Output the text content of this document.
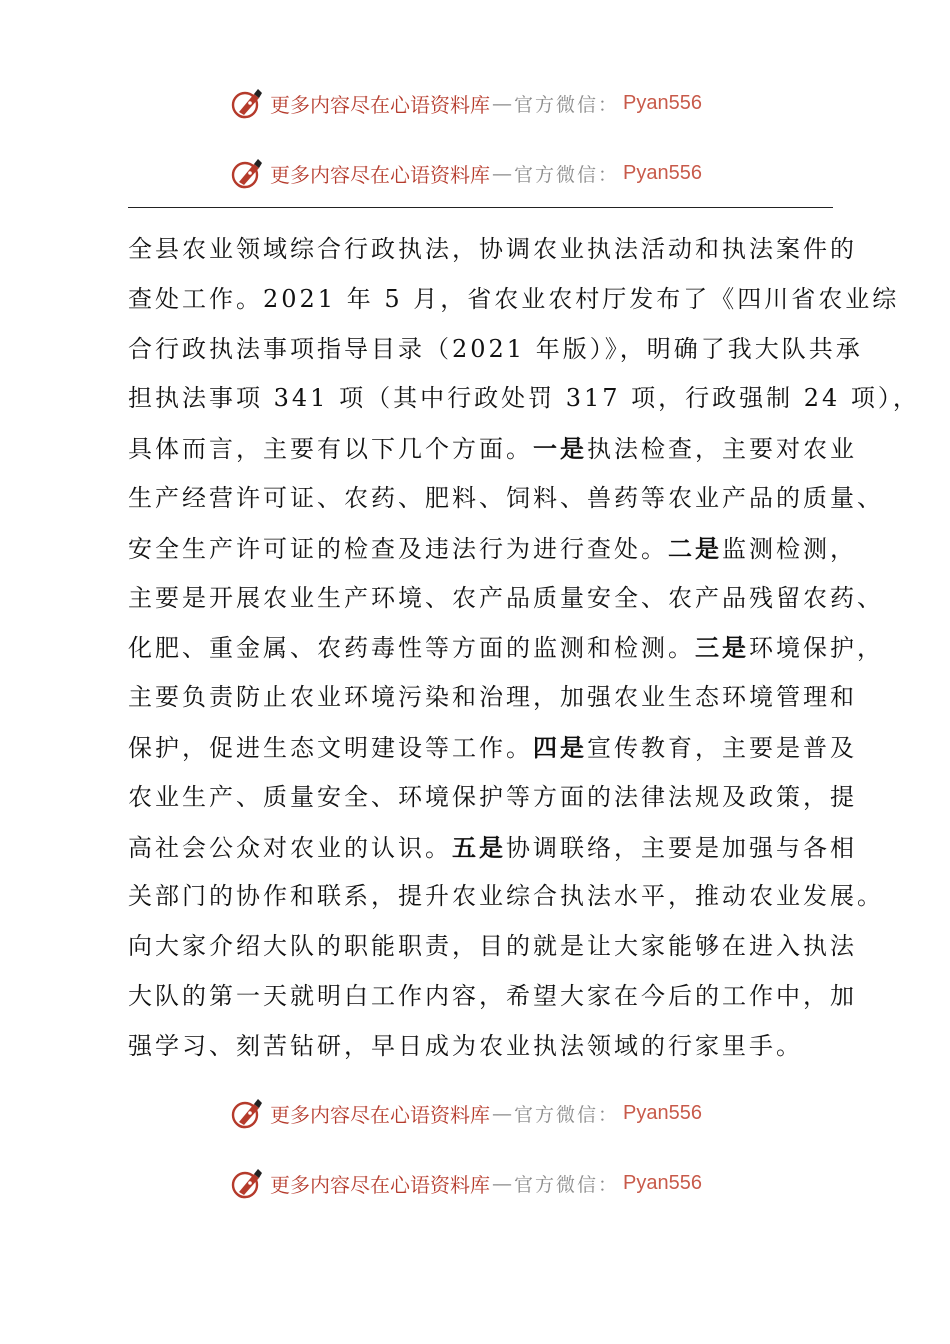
更多内容尽在心语资料库 — 官方微信： Pyan556
更多内容尽在心语资料库 — 官方微信： Pyan556
更多内容尽在心语资料库 — 官方微信： Pyan556
更多内容尽在心语资料库 — 官方微信： Pyan556
全县农业领域综合行政执法，协调农业执法活动和执法案件的
查处工作。2021 年 5 月，省农业农村厅发布了《四川省农业综
合行政执法事项指导目录（2021 年版）》，明确了我大队共承
担执法事项 341 项（其中行政处罚 317 项，行政强制 24 项），
具体而言，主要有以下几个方面。一是执法检查，主要对农业
生产经营许可证、农药、肥料、饲料、兽药等农业产品的质量、
安全生产许可证的检查及违法行为进行查处。二是监测检测，
主要是开展农业生产环境、农产品质量安全、农产品残留农药、
化肥、重金属、农药毒性等方面的监测和检测。三是环境保护，
主要负责防止农业环境污染和治理，加强农业生态环境管理和
保护，促进生态文明建设等工作。四是宣传教育，主要是普及
农业生产、质量安全、环境保护等方面的法律法规及政策，提
高社会公众对农业的认识。五是协调联络，主要是加强与各相
关部门的协作和联系，提升农业综合执法水平，推动农业发展。
向大家介绍大队的职能职责，目的就是让大家能够在进入执法
大队的第一天就明白工作内容，希望大家在今后的工作中，加
强学习、刻苦钻研，早日成为农业执法领域的行家里手。
